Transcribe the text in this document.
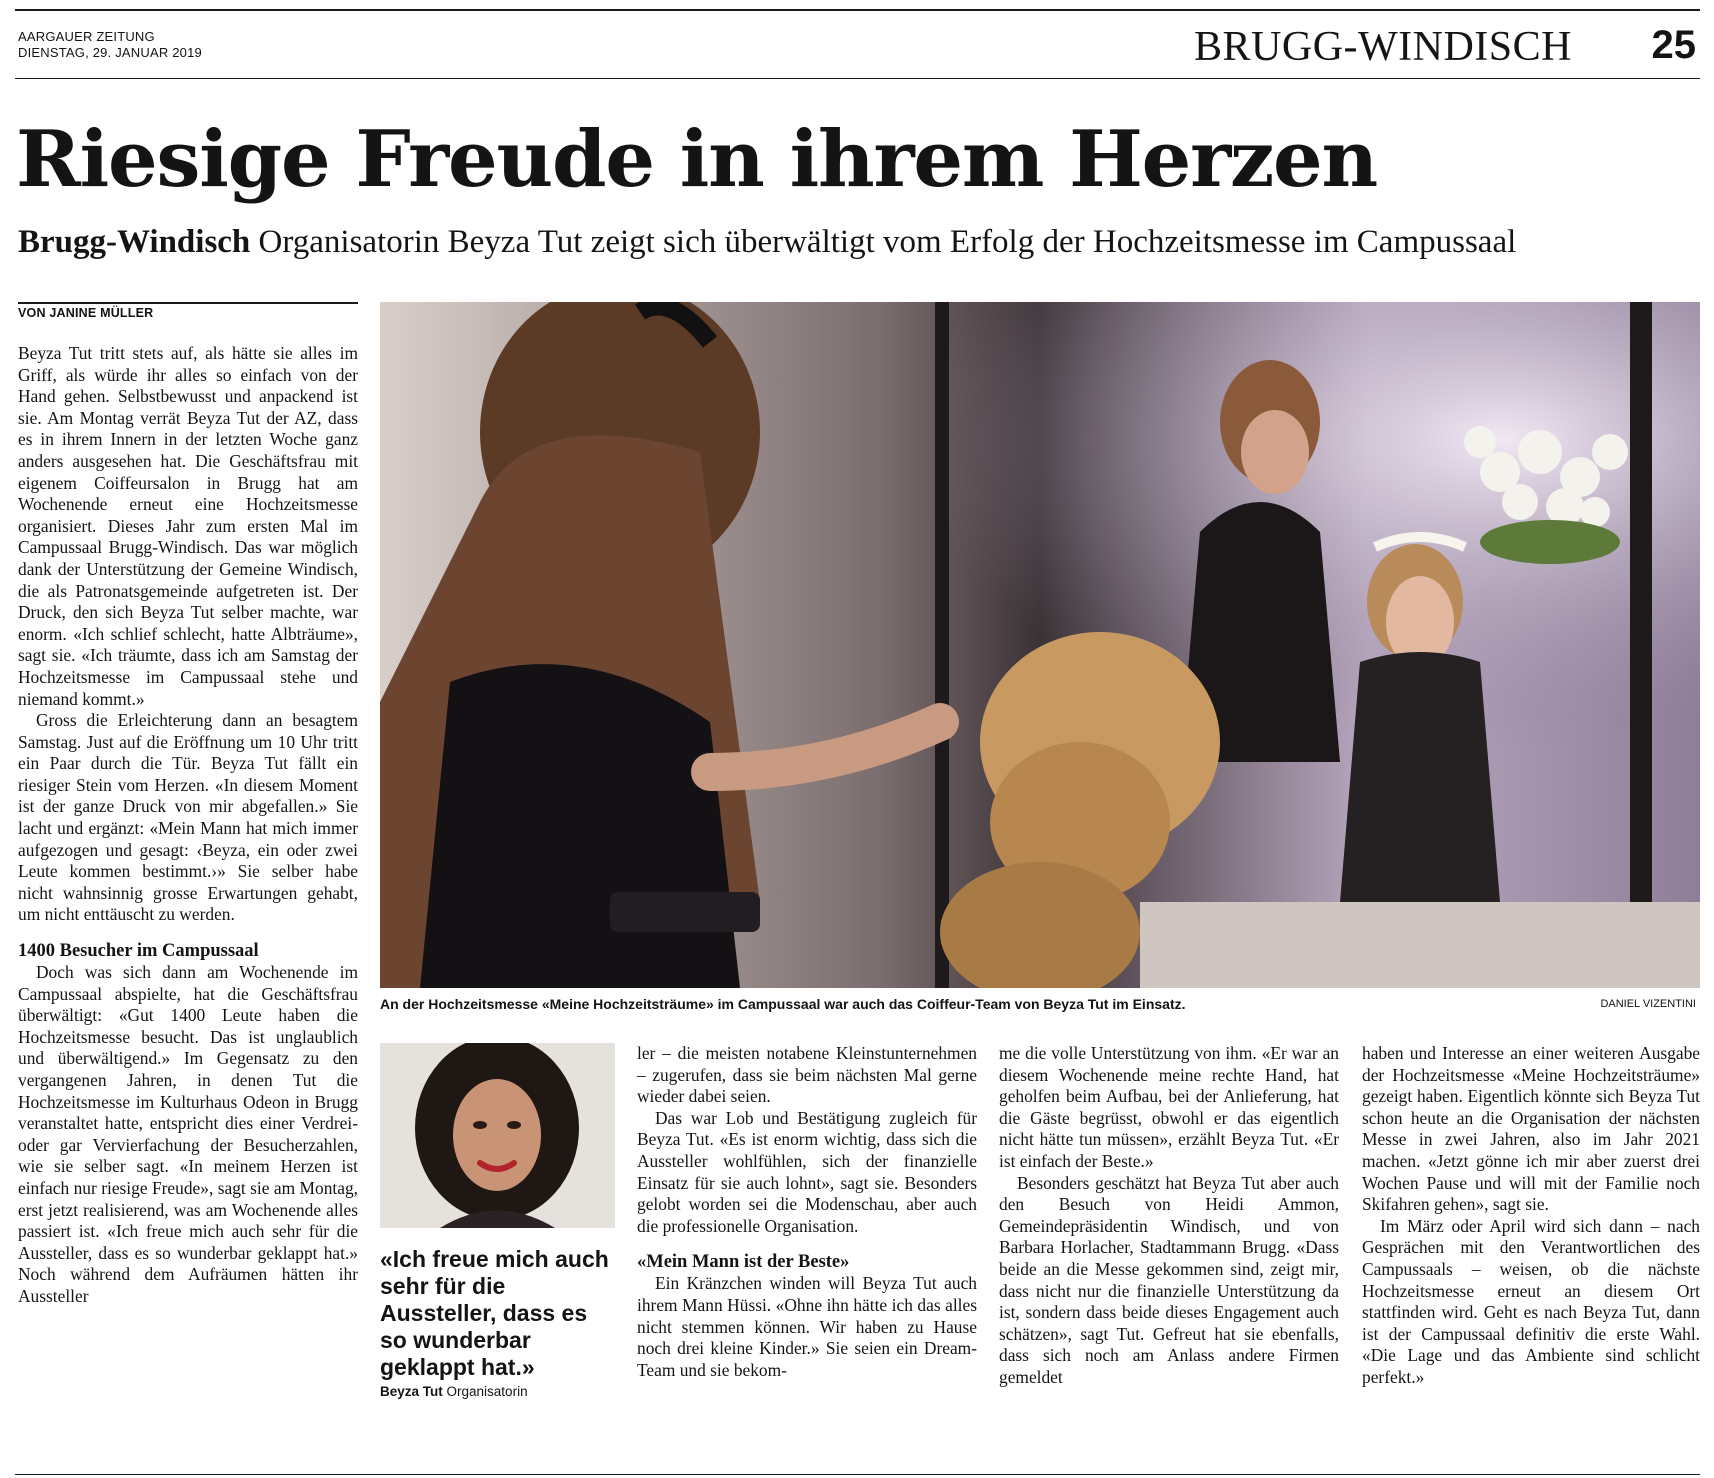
AARGAUER ZEITUNG
DIENSTAG, 29. JANUAR 2019	BRUGG-WINDISCH 25
Riesige Freude in ihrem Herzen
Brugg-Windisch Organisatorin Beyza Tut zeigt sich überwältigt vom Erfolg der Hochzeitsmesse im Campussaal
VON JANINE MÜLLER

Beyza Tut tritt stets auf, als hätte sie alles im Griff, als würde ihr alles so einfach von der Hand gehen. Selbstbewusst und anpackend ist sie. Am Montag verrät Beyza Tut der AZ, dass es in ihrem Innern in der letzten Woche ganz anders ausgesehen hat. Die Geschäftsfrau mit eigenem Coiffeursalon in Brugg hat am Wochenende erneut eine Hochzeitsmesse organisiert. Dieses Jahr zum ersten Mal im Campussaal Brugg-Windisch. Das war möglich dank der Unterstützung der Gemeine Windisch, die als Patronatsgemeinde aufgetreten ist. Der Druck, den sich Beyza Tut selber machte, war enorm. «Ich schlief schlecht, hatte Albträume», sagt sie. «Ich träumte, dass ich am Samstag der Hochzeitsmesse im Campussaal stehe und niemand kommt.»

Gross die Erleichterung dann an besagtem Samstag. Just auf die Eröffnung um 10 Uhr tritt ein Paar durch die Tür. Beyza Tut fällt ein riesiger Stein vom Herzen. «In diesem Moment ist der ganze Druck von mir abgefallen.» Sie lacht und ergänzt: «Mein Mann hat mich immer aufgezogen und gesagt: ‹Beyza, ein oder zwei Leute kommen bestimmt.›» Sie selber habe nicht wahnsinnig grosse Erwartungen gehabt, um nicht enttäuscht zu werden.

1400 Besucher im Campussaal

Doch was sich dann am Wochenende im Campussaal abspielte, hat die Geschäftsfrau überwältigt: «Gut 1400 Leute haben die Hochzeitsmesse besucht. Das ist unglaublich und überwältigend.» Im Gegensatz zu den vergangenen Jahren, in denen Tut die Hochzeitsmesse im Kulturhaus Odeon in Brugg veranstaltet hatte, entspricht dies einer Verdrei- oder gar Vervierfachung der Besucherzahlen, wie sie selber sagt. «In meinem Herzen ist einfach nur riesige Freude», sagt sie am Montag, erst jetzt realisierend, was am Wochenende alles passiert ist. «Ich freue mich auch sehr für die Aussteller, dass es so wunderbar geklappt hat.» Noch während dem Aufräumen hätten ihr Aussteller

An der Hochzeitsmesse «Meine Hochzeitsträume» im Campussaal war auch das Coiffeur-Team von Beyza Tut im Einsatz.	DANIEL VIZENTINI
«Ich freue mich auch sehr für die Aussteller, dass es so wunderbar geklappt hat.»
Beyza Tut Organisatorin

ler – die meisten notabene Kleinstunternehmen – zugerufen, dass sie beim nächsten Mal gerne wieder dabei seien.

Das war Lob und Bestätigung zugleich für Beyza Tut. «Es ist enorm wichtig, dass sich die Aussteller wohlfühlen, sich der finanzielle Einsatz für sie auch lohnt», sagt sie. Besonders gelobt worden sei die Modenschau, aber auch die professionelle Organisation.

«Mein Mann ist der Beste»

Ein Kränzchen winden will Beyza Tut auch ihrem Mann Hüssi. «Ohne ihn hätte ich das alles nicht stemmen können. Wir haben zu Hause noch drei kleine Kinder.» Sie seien ein Dream-Team und sie bekom-

me die volle Unterstützung von ihm. «Er war an diesem Wochenende meine rechte Hand, hat geholfen beim Aufbau, bei der Anlieferung, hat die Gäste begrüsst, obwohl er das eigentlich nicht hätte tun müssen», erzählt Beyza Tut. «Er ist einfach der Beste.»

Besonders geschätzt hat Beyza Tut aber auch den Besuch von Heidi Ammon, Gemeindepräsidentin Windisch, und von Barbara Horlacher, Stadtammann Brugg. «Dass beide an die Messe gekommen sind, zeigt mir, dass nicht nur die finanzielle Unterstützung da ist, sondern dass beide dieses Engagement auch schätzen», sagt Tut. Gefreut hat sie ebenfalls, dass sich noch am Anlass andere Firmen gemeldet

haben und Interesse an einer weiteren Ausgabe der Hochzeitsmesse «Meine Hochzeitsträume» gezeigt haben. Eigentlich könnte sich Beyza Tut schon heute an die Organisation der nächsten Messe in zwei Jahren, also im Jahr 2021 machen. «Jetzt gönne ich mir aber zuerst drei Wochen Pause und will mit der Familie noch Skifahren gehen», sagt sie.

Im März oder April wird sich dann – nach Gesprächen mit den Verantwortlichen des Campussaals – weisen, ob die nächste Hochzeitsmesse erneut an diesem Ort stattfinden wird. Geht es nach Beyza Tut, dann ist der Campussaal definitiv die erste Wahl. «Die Lage und das Ambiente sind schlicht perfekt.»
